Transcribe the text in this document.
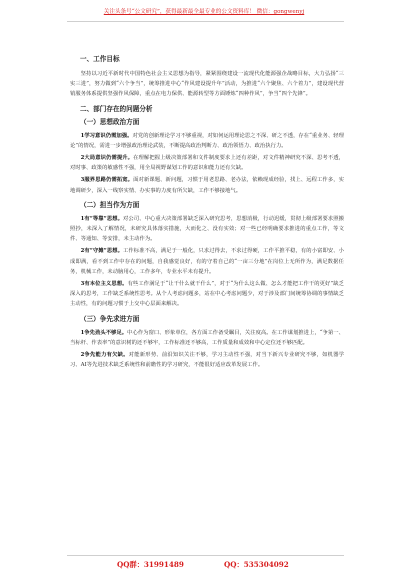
关注头条号“公文研究”，获得最新最全最专业的公文资料库！ 微信：gongwenyj

一、工作目标

坚持以习近平新时代中国特色社会主义思想为指导，紧紧围绕建设一流现代化能源强企战略目标，大力弘扬“三实三进”，努力做到“六个争当”，统筹推进中心“作风建设提升年”活动，为推进“六个聚焦、六个着力”，建设现代营销服务体系提供坚强作风保障，重点在电力保供、能源转型等方面锤炼“四种作风”，争当“四个先锋”。

二、部门存在的问题分析

（一）思想政治方面

1学习意识仍需加强。对党的创新理论学习不够重视，对如何运用理论思之不深、研之不透，存在“重业务、轻理论”的情况，需进一步增强政治理论武装，不断提高政治判断力、政治领悟力、政治执行力。

2大局意识仍需提升。在理解把握上级决策部署和文件制度要求上还有差距，对文件精神研究不深、思考不透，对时事、政策的敏感性不强，用全局视野谋划工作的意识和能力还有欠缺。

3服界思路仍需拓宽。面对新课题、新问题，习惯于用老思路、老办法，依赖现成经验，找上、远程工作多，实地调研少，深入一线察实情、办实事的力度有所欠缺，工作不够接地气。

（二）担当作为方面

1有“等靠”思想。对公司、中心重大决策部署缺乏深入研究思考，思想消极，行动迟缓，贯彻上级部署要求照搬照抄，未深入了解情况，未研究具体落实措施，大而化之、没有实效；对一些已经明确要求推进的重点工作，等文件、等通知、等安排，未主动作为。

2有“守摊”思想。工作标准不高，满足于一般化，只求过得去，不求过得硬，工作平推平稳，有的小富即安、小成即满，看不到工作中存在的问题，自我感觉良好，有的守着自己的“一亩三分地”在岗位上无所作为，满足数据任务，机械工作，未动脑用心，工作多年，专业水平未有提升。

3有本位主义思想。有些工作满足于“让干什么就干什么”，对于“为什么这么做、怎么才能把工作干的更好”缺乏深入的思考，工作缺乏系统性思考。从个人考虑问题多，站在中心考虑问题少，对于涉及部门间统筹协调的事情缺乏主动性，有的问题习惯于上交中心层面来解决。

（三）争先求进方面

1争先劲头不够足。中心作为窗口、形象单位，各方面工作备受瞩目，关注度高。在工作谋划推进上，“争第一、当标杆、作表率”的意识树的还不够牢，工作标准还不够高，工作质量和成效和中心定位还不够匹配。

2争先能力有欠缺。对能新形势、前沿知识关注不够，学习主动性不强，对当下新兴专业研究不够，如机器学习、AI等先进技术缺乏系统性和前瞻性的学习研究，不能很好适应改革发展工作。

QQ群：31991489	QQ：535304092
